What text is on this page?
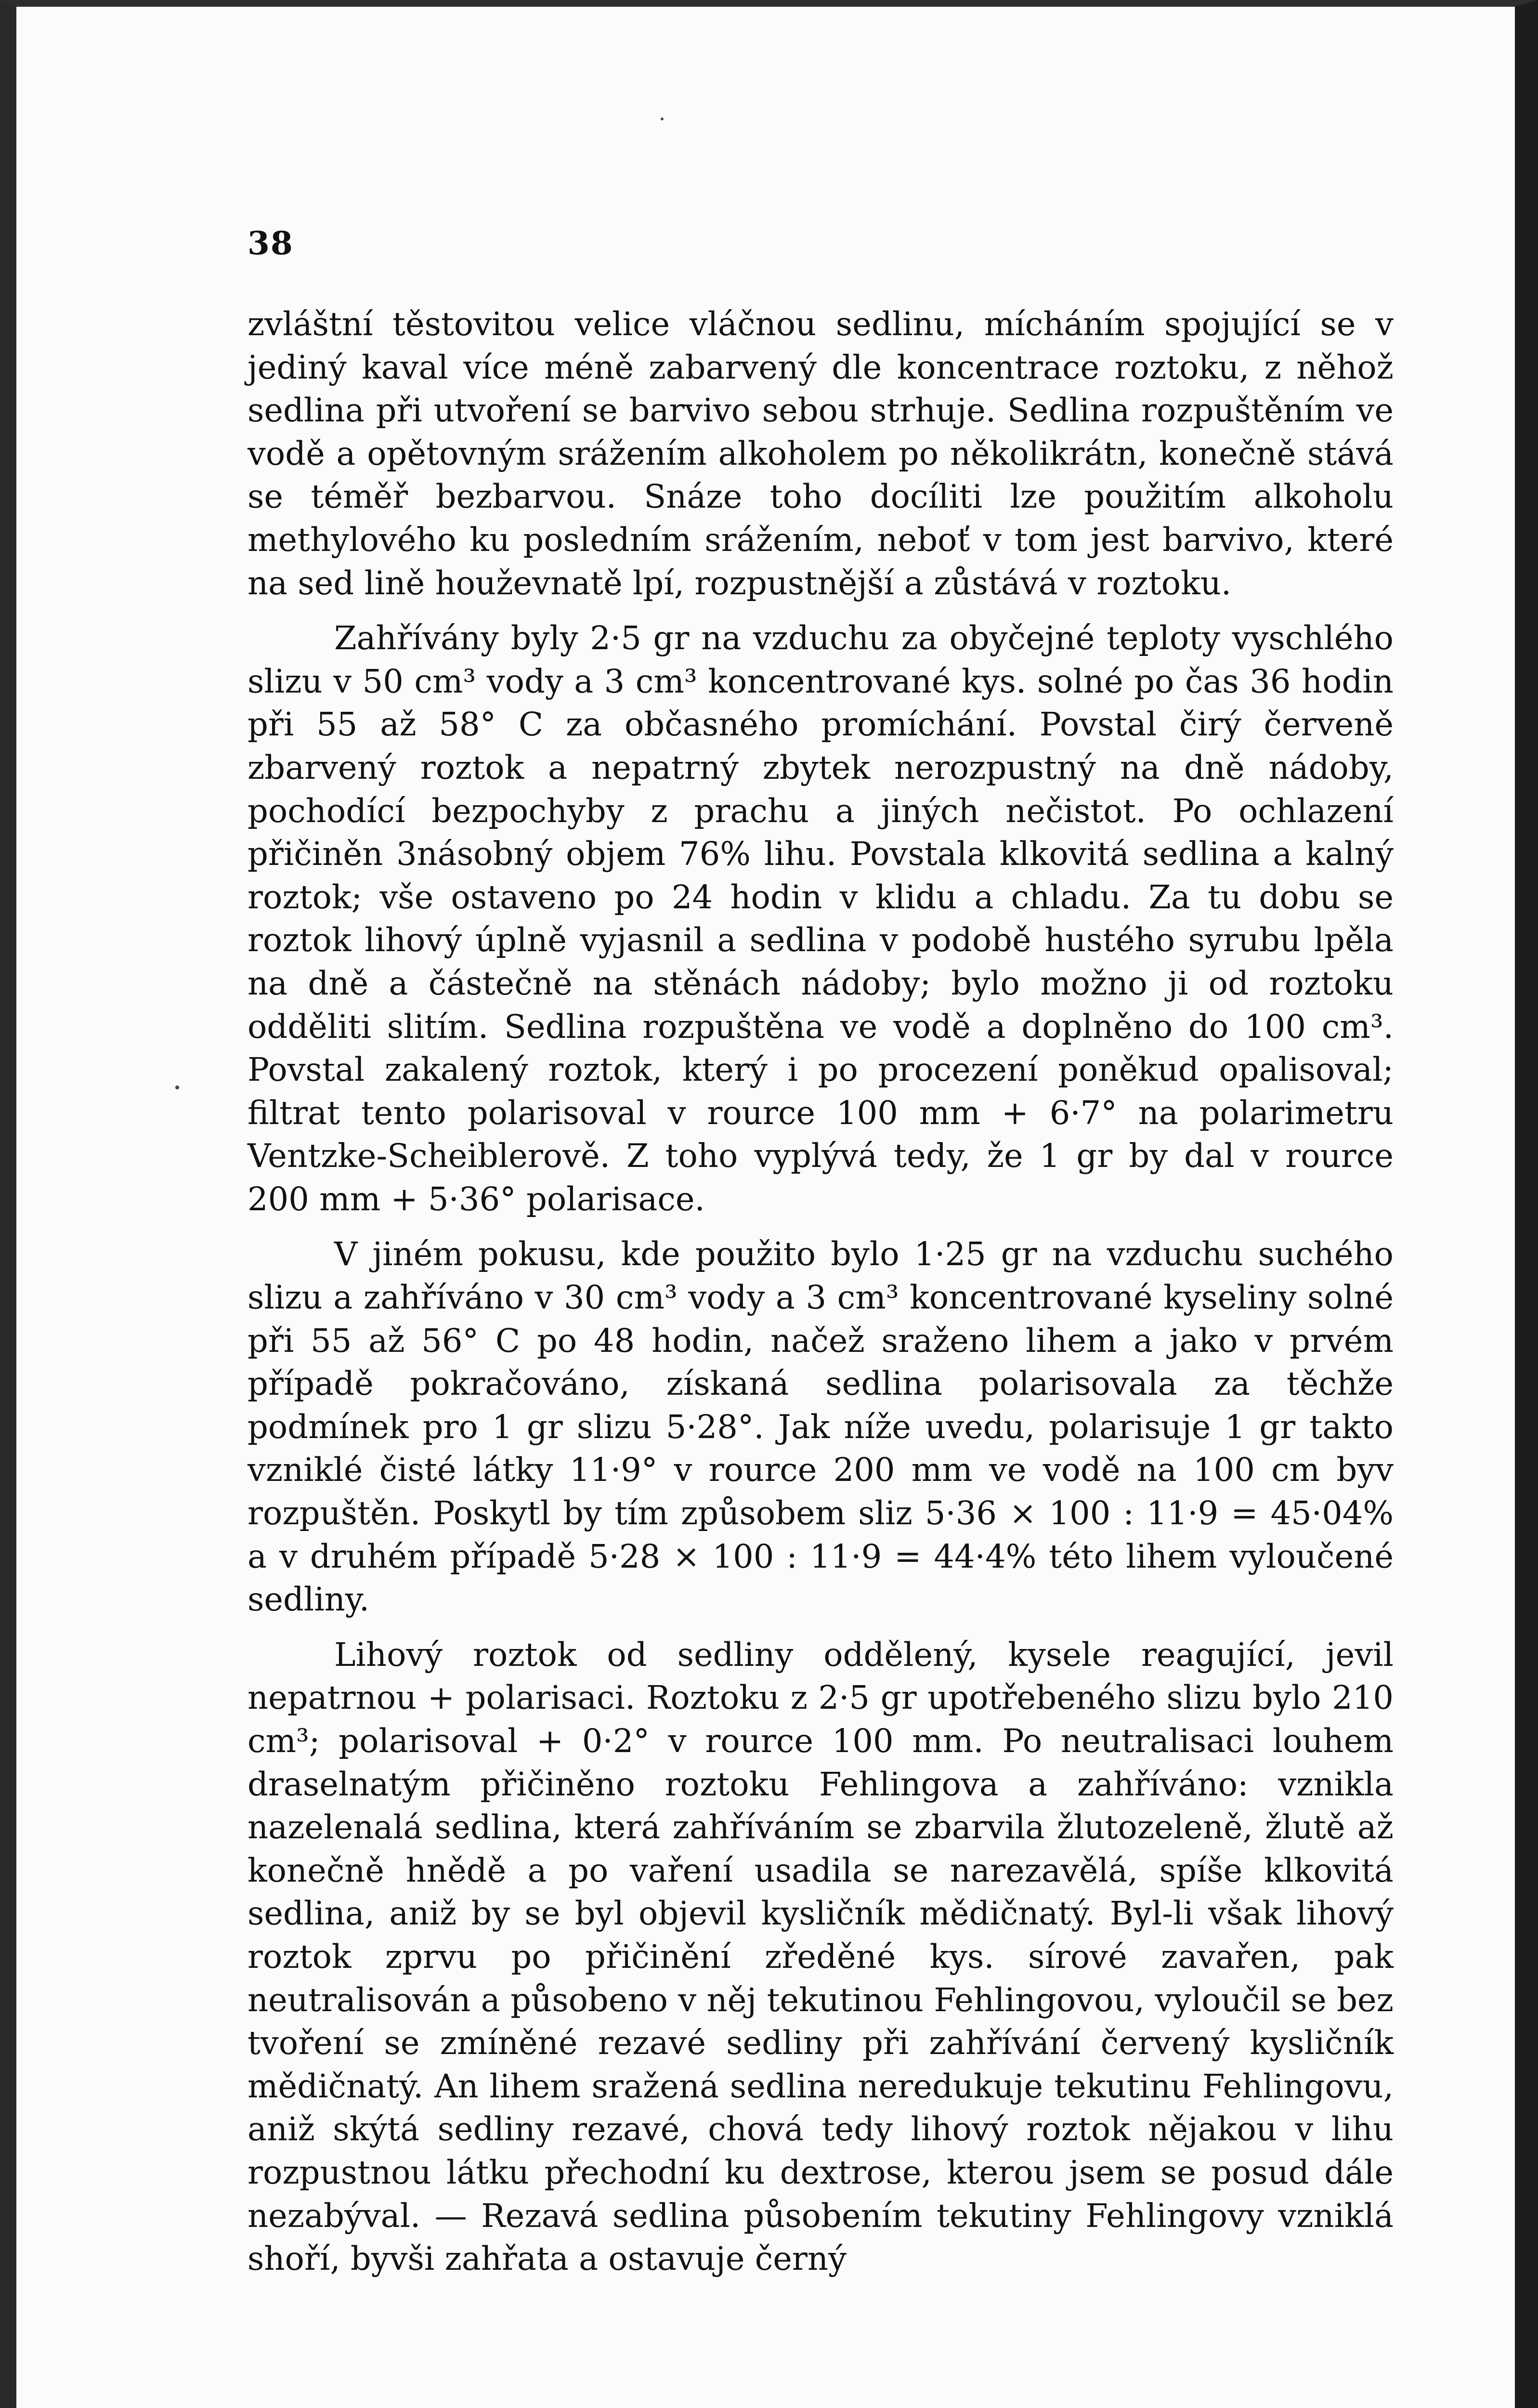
38

zvláštní těstovitou velice vláčnou sedlinu, mícháním spojující se v jediný kaval více méně zabarvený dle koncentrace roztoku, z něhož sedlina při utvoření se barvivo sebou strhuje. Sedlina rozpuštěním ve vodě a opětovným srážením alkoholem po několikrátn, konečně stává se téměř bezbarvou. Snáze toho docíliti lze použitím alkoholu methylového ku posledním srážením, neboť v tom jest barvivo, které na sed lině houževnatě lpí, rozpustnější a zůstává v roztoku.

Zahřívány byly 2·5 gr na vzduchu za obyčejné teploty vyschlého slizu v 50 cm³ vody a 3 cm³ koncentrované kys. solné po čas 36 hodin při 55 až 58° C za občasného promíchání. Povstal čirý červeně zbarvený roztok a nepatrný zbytek nerozpustný na dně nádoby, pochodící bezpochyby z prachu a jiných nečistot. Po ochlazení přičiněn 3násobný objem 76% lihu. Povstala klkovitá sedlina a kalný roztok; vše ostaveno po 24 hodin v klidu a chladu. Za tu dobu se roztok lihový úplně vyjasnil a sedlina v podobě hustého syrubu lpěla na dně a částečně na stěnách nádoby; bylo možno ji od roztoku odděliti slitím. Sedlina rozpuštěna ve vodě a doplněno do 100 cm³. Povstal zakalený roztok, který i po procezení poněkud opalisoval; filtrat tento polarisoval v rource 100 mm + 6·7° na polarimetru Ventzke-Scheiblerově. Z toho vyplývá tedy, že 1 gr by dal v rource 200 mm + 5·36° polarisace.

V jiném pokusu, kde použito bylo 1·25 gr na vzduchu suchého slizu a zahříváno v 30 cm³ vody a 3 cm³ koncentrované kyseliny solné při 55 až 56° C po 48 hodin, načež sraženo lihem a jako v prvém případě pokračováno, získaná sedlina polarisovala za těchže podmínek pro 1 gr slizu 5·28°. Jak níže uvedu, polarisuje 1 gr takto vzniklé čisté látky 11·9° v rource 200 mm ve vodě na 100 cm byv rozpuštěn. Poskytl by tím způsobem sliz 5·36 × 100 : 11·9 = 45·04% a v druhém případě 5·28 × 100 : 11·9 = 44·4% této lihem vyloučené sedliny.

Lihový roztok od sedliny oddělený, kysele reagující, jevil nepatrnou + polarisaci. Roztoku z 2·5 gr upotřebeného slizu bylo 210 cm³; polarisoval + 0·2° v rource 100 mm. Po neutralisaci louhem draselnatým přičiněno roztoku Fehlingova a zahříváno: vznikla nazelenalá sedlina, která zahříváním se zbarvila žlutozeleně, žlutě až konečně hnědě a po vaření usadila se narezavělá, spíše klkovitá sedlina, aniž by se byl objevil kysličník mědičnatý. Byl-li však lihový roztok zprvu po přičinění zředěné kys. sírové zavařen, pak neutralisován a působeno v něj tekutinou Fehlingovou, vyloučil se bez tvoření se zmíněné rezavé sedliny při zahřívání červený kysličník mědičnatý. An lihem sražená sedlina neredukuje tekutinu Fehlingovu, aniž skýtá sedliny rezavé, chová tedy lihový roztok nějakou v lihu rozpustnou látku přechodní ku dextrose, kterou jsem se posud dále nezabýval. — Rezavá sedlina působením tekutiny Fehlingovy vzniklá shoří, byvši zahřata a ostavuje černý
